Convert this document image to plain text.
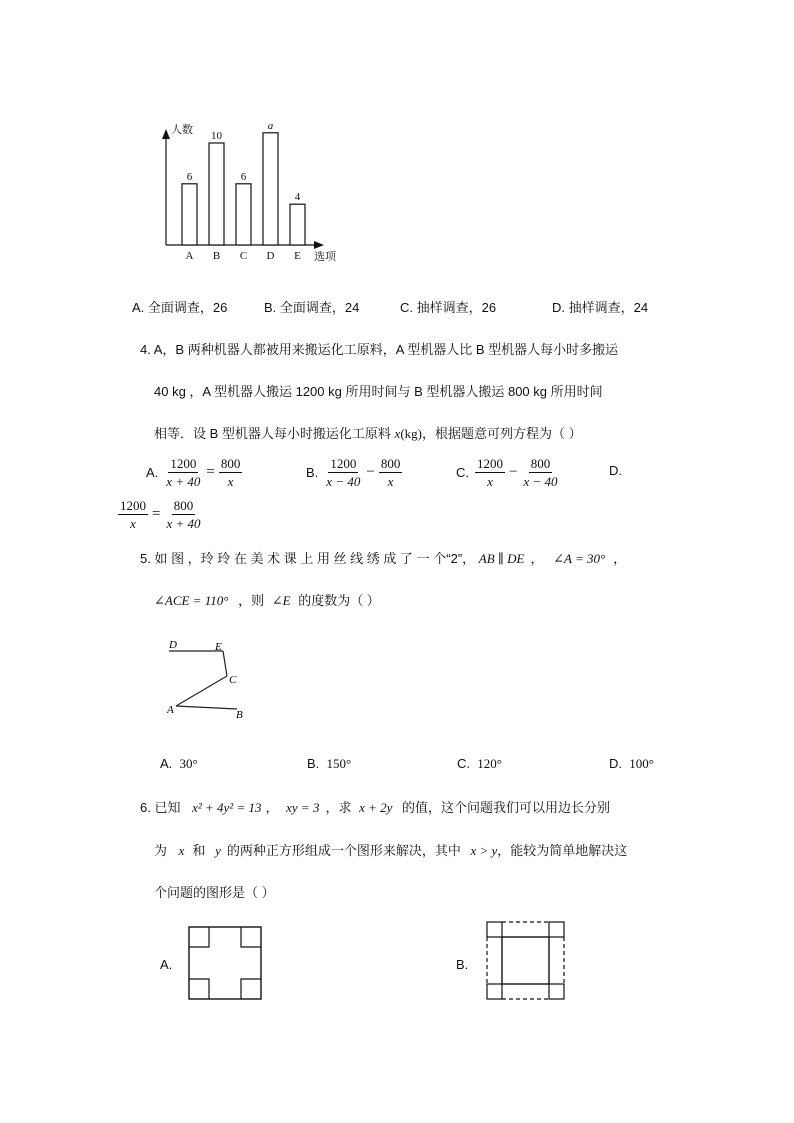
人数
选项
6
A
10
B
6
C
a
D
4
E
A. 全面调查，26	B. 全面调查，24	C. 抽样调查，26	D. 抽样调查，24
4. A，B 两种机器人都被用来搬运化工原料，A 型机器人比 B 型机器人每小时多搬运
40 kg ，A 型机器人搬运 1200 kg 所用时间与 B 型机器人搬运 800 kg 所用时间
相等．设 B 型机器人每小时搬运化工原料 x(kg)，根据题意可列方程为（ ）
A. $\frac{1200}{x + 40} = \frac{800}{x}$	B. $\frac{1200}{x - 40} - \frac{800}{x}$	C. $\frac{1200}{x} - \frac{800}{x - 40}$	D.
$\frac{1200}{x} = \frac{800}{x + 40}$
5. 如 图 ，玲 玲 在 美 术 课 上 用 丝 线 绣 成 了 一 个“2”， AB ∥ DE ， ∠A = 30° ，
∠ACE = 110° ，则 ∠E 的度数为（ ）
D	E
C
A	B
A. 30°	B. 150°	C. 120°	D. 100°
6. 已知 x² + 4y² = 13 ， xy = 3 ，求 x + 2y 的值，这个问题我们可以用边长分别
为 x 和 y 的两种正方形组成一个图形来解决，其中 x > y，能较为简单地解决这
个问题的图形是（ ）
A.	B.
